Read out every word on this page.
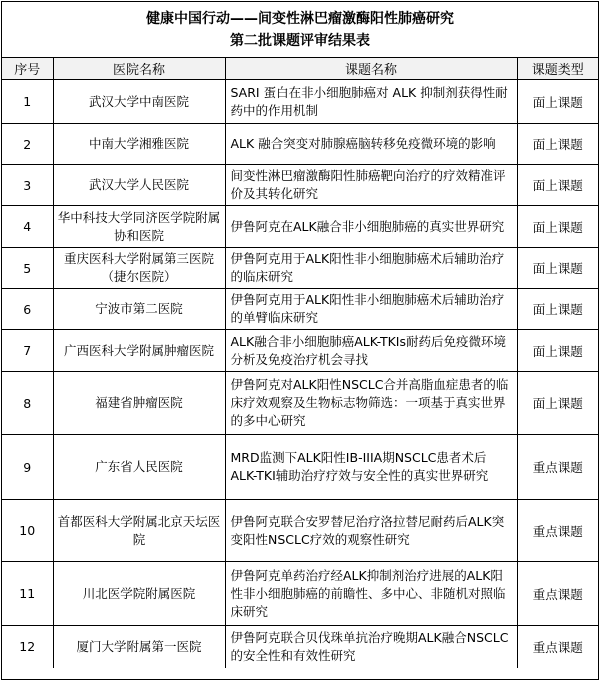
健康中国行动——间变性淋巴瘤激酶阳性肺癌研究
第二批课题评审结果表
序号	医院名称	课题名称	课题类型
1	武汉大学中南医院	SARI 蛋白在非小细胞肺癌对 ALK 抑制剂获得性耐药中的作用机制	面上课题
2	中南大学湘雅医院	ALK 融合突变对肺腺癌脑转移免疫微环境的影响	面上课题
3	武汉大学人民医院	间变性淋巴瘤激酶阳性肺癌靶向治疗的疗效精准评价及其转化研究	面上课题
4	华中科技大学同济医学院附属协和医院	伊鲁阿克在ALK融合非小细胞肺癌的真实世界研究	面上课题
5	重庆医科大学附属第三医院（捷尔医院）	伊鲁阿克用于ALK阳性非小细胞肺癌术后辅助治疗的临床研究	面上课题
6	宁波市第二医院	伊鲁阿克用于ALK阳性非小细胞肺癌术后辅助治疗的单臂临床研究	面上课题
7	广西医科大学附属肿瘤医院	ALK融合非小细胞肺癌ALK-TKIs耐药后免疫微环境分析及免疫治疗机会寻找	面上课题
8	福建省肿瘤医院	伊鲁阿克对ALK阳性NSCLC合并高脂血症患者的临床疗效观察及生物标志物筛选：一项基于真实世界的多中心研究	面上课题
9	广东省人民医院	MRD监测下ALK阳性IB-IIIA期NSCLC患者术后ALK-TKI辅助治疗疗效与安全性的真实世界研究	重点课题
10	首都医科大学附属北京天坛医院	伊鲁阿克联合安罗替尼治疗洛拉替尼耐药后ALK突变阳性NSCLC疗效的观察性研究	重点课题
11	川北医学院附属医院	伊鲁阿克单药治疗经ALK抑制剂治疗进展的ALK阳性非小细胞肺癌的前瞻性、多中心、非随机对照临床研究	重点课题
12	厦门大学附属第一医院	伊鲁阿克联合贝伐珠单抗治疗晚期ALK融合NSCLC的安全性和有效性研究	重点课题
